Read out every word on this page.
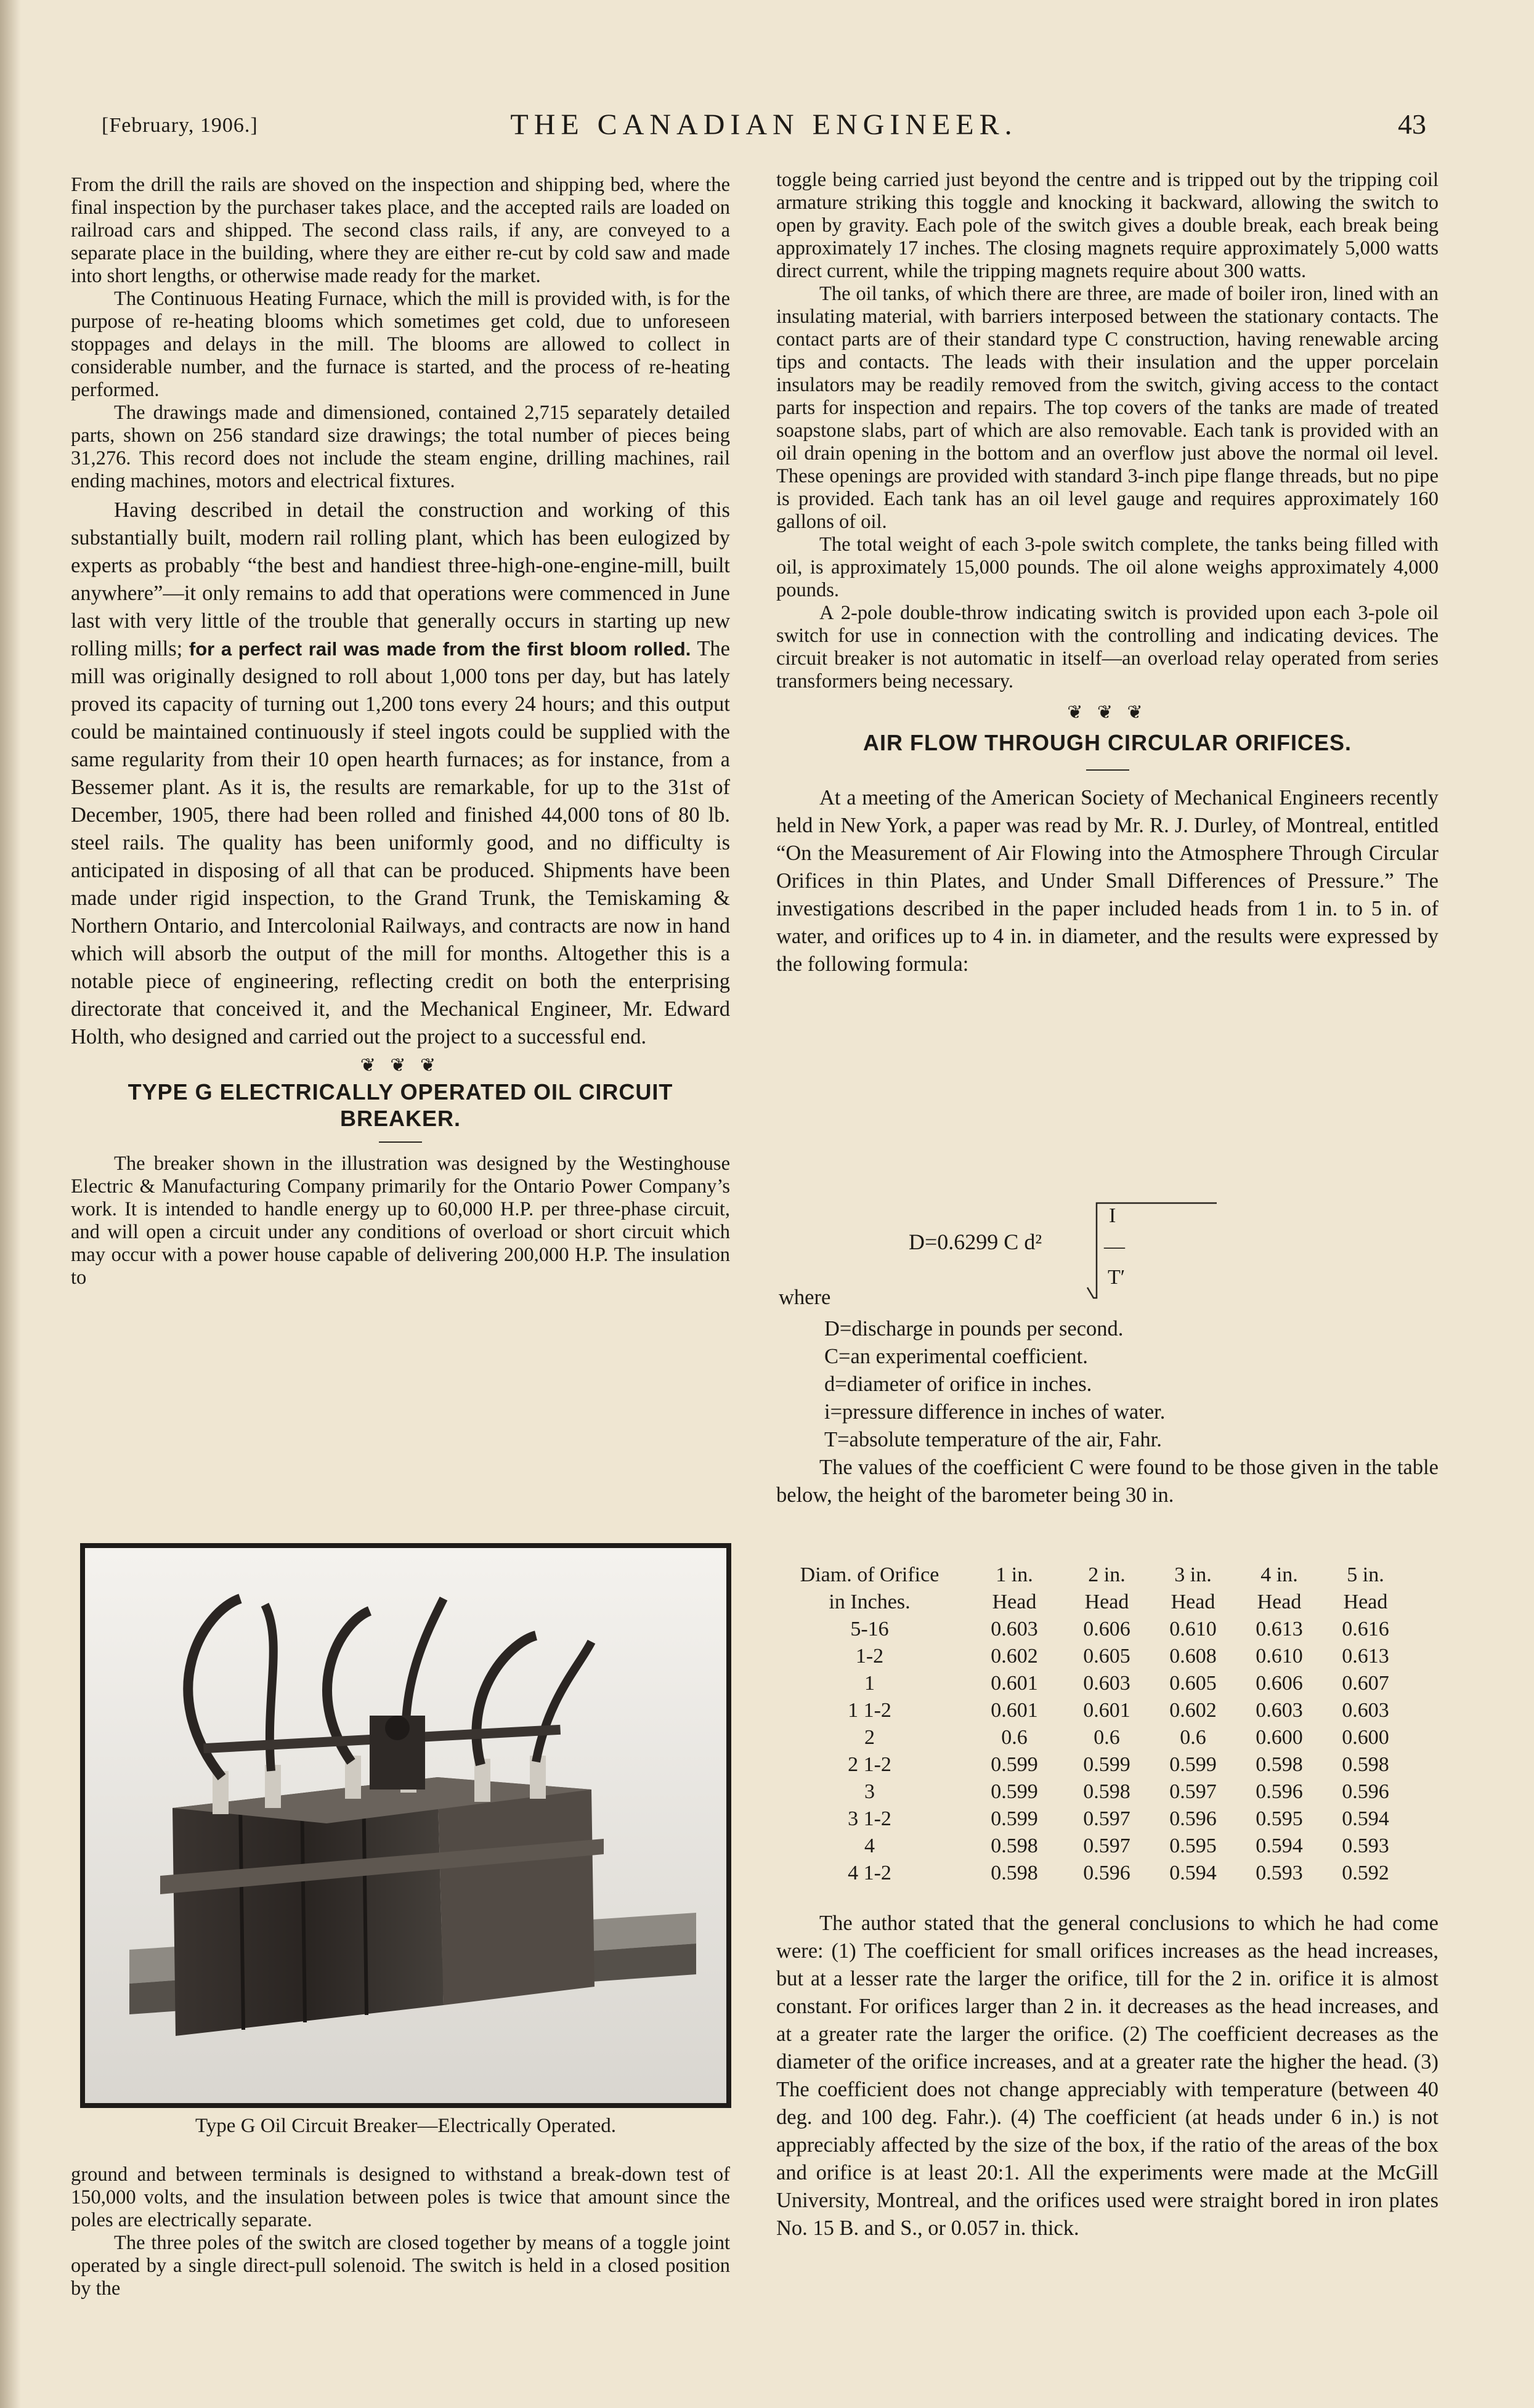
[February, 1906.]	THE CANADIAN ENGINEER.	43

From the drill the rails are shoved on the inspection and shipping bed, where the final inspection by the purchaser takes place, and the accepted rails are loaded on railroad cars and shipped. The second class rails, if any, are conveyed to a separate place in the building, where they are either re-cut by cold saw and made into short lengths, or otherwise made ready for the market.

The Continuous Heating Furnace, which the mill is provided with, is for the purpose of re-heating blooms which sometimes get cold, due to unforeseen stoppages and delays in the mill. The blooms are allowed to collect in considerable number, and the furnace is started, and the process of re-heating performed.

The drawings made and dimensioned, contained 2,715 separately detailed parts, shown on 256 standard size drawings; the total number of pieces being 31,276. This record does not include the steam engine, drilling machines, rail ending machines, motors and electrical fixtures.

Having described in detail the construction and working of this substantially built, modern rail rolling plant, which has been eulogized by experts as probably “the best and handiest three-high-one-engine-mill, built anywhere”—it only remains to add that operations were commenced in June last with very little of the trouble that generally occurs in starting up new rolling mills; for a perfect rail was made from the first bloom rolled. The mill was originally designed to roll about 1,000 tons per day, but has lately proved its capacity of turning out 1,200 tons every 24 hours; and this output could be maintained continuously if steel ingots could be supplied with the same regularity from their 10 open hearth furnaces; as for instance, from a Bessemer plant. As it is, the results are remarkable, for up to the 31st of December, 1905, there had been rolled and finished 44,000 tons of 80 lb. steel rails. The quality has been uniformly good, and no difficulty is anticipated in disposing of all that can be produced. Shipments have been made under rigid inspection, to the Grand Trunk, the Temiskaming & Northern Ontario, and Intercolonial Railways, and contracts are now in hand which will absorb the output of the mill for months. Altogether this is a notable piece of engineering, reflecting credit on both the enterprising directorate that conceived it, and the Mechanical Engineer, Mr. Edward Holth, who designed and carried out the project to a successful end.

❦ ❦ ❦
TYPE G ELECTRICALLY OPERATED OIL CIRCUIT BREAKER.

The breaker shown in the illustration was designed by the Westinghouse Electric & Manufacturing Company primarily for the Ontario Power Company’s work. It is intended to handle energy up to 60,000 H.P. per three-phase circuit, and will open a circuit under any conditions of overload or short circuit which may occur with a power house capable of delivering 200,000 H.P. The insulation to

Type G Oil Circuit Breaker—Electrically Operated.

ground and between terminals is designed to withstand a break-down test of 150,000 volts, and the insulation between poles is twice that amount since the poles are electrically separate.

The three poles of the switch are closed together by means of a toggle joint operated by a single direct-pull solenoid. The switch is held in a closed position by the

toggle being carried just beyond the centre and is tripped out by the tripping coil armature striking this toggle and knocking it backward, allowing the switch to open by gravity. Each pole of the switch gives a double break, each break being approximately 17 inches. The closing magnets require approximately 5,000 watts direct current, while the tripping magnets require about 300 watts.

The oil tanks, of which there are three, are made of boiler iron, lined with an insulating material, with barriers interposed between the stationary contacts. The contact parts are of their standard type C construction, having renewable arcing tips and contacts. The leads with their insulation and the upper porcelain insulators may be readily removed from the switch, giving access to the contact parts for inspection and repairs. The top covers of the tanks are made of treated soapstone slabs, part of which are also removable. Each tank is provided with an oil drain opening in the bottom and an overflow just above the normal oil level. These openings are provided with standard 3-inch pipe flange threads, but no pipe is provided. Each tank has an oil level gauge and requires approximately 160 gallons of oil.

The total weight of each 3-pole switch complete, the tanks being filled with oil, is approximately 15,000 pounds. The oil alone weighs approximately 4,000 pounds.

A 2-pole double-throw indicating switch is provided upon each 3-pole oil switch for use in connection with the controlling and indicating devices. The circuit breaker is not automatic in itself—an overload relay operated from series transformers being necessary.

❦ ❦ ❦
AIR FLOW THROUGH CIRCULAR ORIFICES.

At a meeting of the American Society of Mechanical Engineers recently held in New York, a paper was read by Mr. R. J. Durley, of Montreal, entitled “On the Measurement of Air Flowing into the Atmosphere Through Circular Orifices in thin Plates, and Under Small Differences of Pressure.” The investigations described in the paper included heads from 1 in. to 5 in. of water, and orifices up to 4 in. in diameter, and the results were expressed by the following formula:

D=0.6299 C d²
I
—
T′
where
D=discharge in pounds per second.
C=an experimental coefficient.
d=diameter of orifice in inches.
i=pressure difference in inches of water.
T=absolute temperature of the air, Fahr.

The values of the coefficient C were found to be those given in the table below, the height of the barometer being 30 in.

Diam. of Orifice	1 in.	2 in.	3 in.	4 in.	5 in.
in Inches.	Head	Head	Head	Head	Head
5-16	0.603	0.606	0.610	0.613	0.616
1-2	0.602	0.605	0.608	0.610	0.613
1	0.601	0.603	0.605	0.606	0.607
1 1-2	0.601	0.601	0.602	0.603	0.603
2	0.6	0.6	0.6	0.600	0.600
2 1-2	0.599	0.599	0.599	0.598	0.598
3	0.599	0.598	0.597	0.596	0.596
3 1-2	0.599	0.597	0.596	0.595	0.594
4	0.598	0.597	0.595	0.594	0.593
4 1-2	0.598	0.596	0.594	0.593	0.592

The author stated that the general conclusions to which he had come were: (1) The coefficient for small orifices increases as the head increases, but at a lesser rate the larger the orifice, till for the 2 in. orifice it is almost constant. For orifices larger than 2 in. it decreases as the head increases, and at a greater rate the larger the orifice. (2) The coefficient decreases as the diameter of the orifice increases, and at a greater rate the higher the head. (3) The coefficient does not change appreciably with temperature (between 40 deg. and 100 deg. Fahr.). (4) The coefficient (at heads under 6 in.) is not appreciably affected by the size of the box, if the ratio of the areas of the box and orifice is at least 20:1. All the experiments were made at the McGill University, Montreal, and the orifices used were straight bored in iron plates No. 15 B. and S., or 0.057 in. thick.
